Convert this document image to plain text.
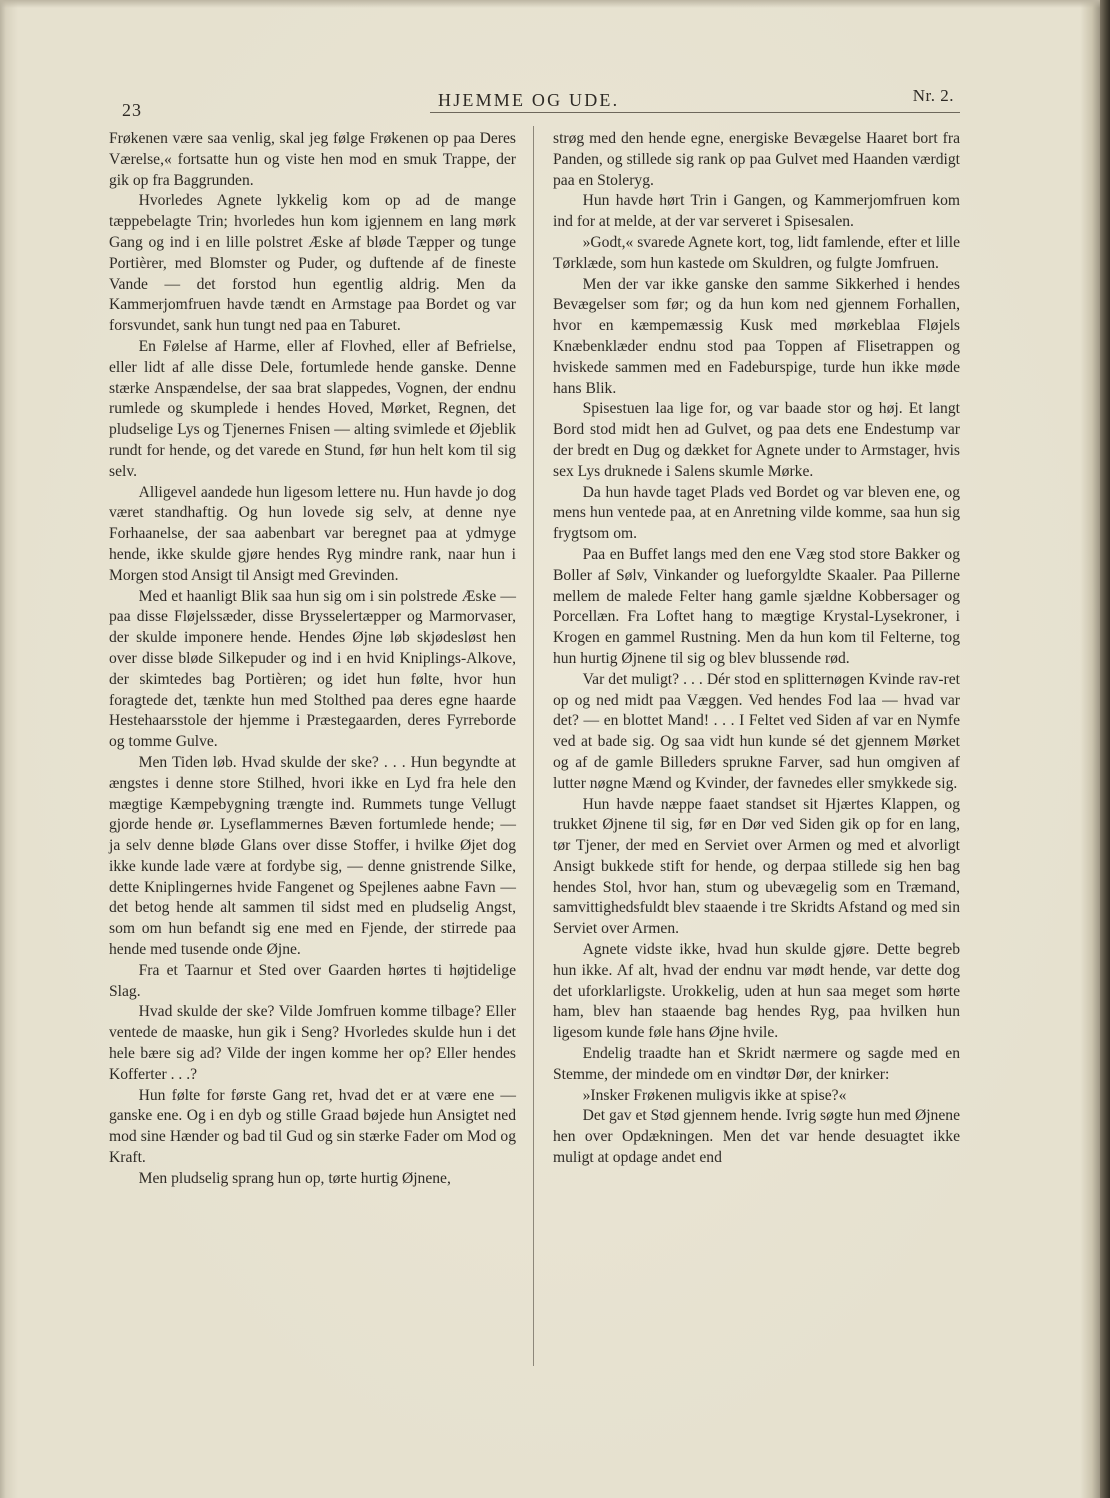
23	HJEMME OG UDE.	Nr. 2.

Frøkenen være saa venlig, skal jeg følge Frøkenen op paa Deres Værelse,« fortsatte hun og viste hen mod en smuk Trappe, der gik op fra Baggrunden.

Hvorledes Agnete lykkelig kom op ad de mange tæppebelagte Trin; hvorledes hun kom igjennem en lang mørk Gang og ind i en lille polstret Æske af bløde Tæpper og tunge Portièrer, med Blomster og Puder, og duftende af de fineste Vande — det forstod hun egentlig aldrig. Men da Kammerjomfruen havde tændt en Armstage paa Bordet og var forsvundet, sank hun tungt ned paa en Taburet.

En Følelse af Harme, eller af Flovhed, eller af Befrielse, eller lidt af alle disse Dele, fortumlede hende ganske. Denne stærke Anspændelse, der saa brat slappedes, Vognen, der endnu rumlede og skumplede i hendes Hoved, Mørket, Regnen, det pludselige Lys og Tjenernes Fnisen — alting svimlede et Øjeblik rundt for hende, og det varede en Stund, før hun helt kom til sig selv.

Alligevel aandede hun ligesom lettere nu. Hun havde jo dog været standhaftig. Og hun lovede sig selv, at denne nye Forhaanelse, der saa aabenbart var beregnet paa at ydmyge hende, ikke skulde gjøre hendes Ryg mindre rank, naar hun i Morgen stod Ansigt til Ansigt med Grevinden.

Med et haanligt Blik saa hun sig om i sin polstrede Æske — paa disse Fløjelssæder, disse Brysselertæpper og Marmorvaser, der skulde imponere hende. Hendes Øjne løb skjødesløst hen over disse bløde Silkepuder og ind i en hvid Kniplings-Alkove, der skimtedes bag Portièren; og idet hun følte, hvor hun foragtede det, tænkte hun med Stolthed paa deres egne haarde Hestehaarsstole der hjemme i Præstegaarden, deres Fyrreborde og tomme Gulve.

Men Tiden løb. Hvad skulde der ske? . . . Hun begyndte at ængstes i denne store Stilhed, hvori ikke en Lyd fra hele den mægtige Kæmpebygning trængte ind. Rummets tunge Vellugt gjorde hende ør. Lyseflammernes Bæven fortumlede hende; — ja selv denne bløde Glans over disse Stoffer, i hvilke Øjet dog ikke kunde lade være at fordybe sig, — denne gnistrende Silke, dette Kniplingernes hvide Fangenet og Spejlenes aabne Favn — det betog hende alt sammen til sidst med en pludselig Angst, som om hun befandt sig ene med en Fjende, der stirrede paa hende med tusende onde Øjne.

Fra et Taarnur et Sted over Gaarden hørtes ti højtidelige Slag.

Hvad skulde der ske? Vilde Jomfruen komme tilbage? Eller ventede de maaske, hun gik i Seng? Hvorledes skulde hun i det hele bære sig ad? Vilde der ingen komme her op? Eller hendes Kofferter . . .?

Hun følte for første Gang ret, hvad det er at være ene — ganske ene. Og i en dyb og stille Graad bøjede hun Ansigtet ned mod sine Hænder og bad til Gud og sin stærke Fader om Mod og Kraft.

Men pludselig sprang hun op, tørte hurtig Øjnene,

strøg med den hende egne, energiske Bevægelse Haaret bort fra Panden, og stillede sig rank op paa Gulvet med Haanden værdigt paa en Stoleryg.

Hun havde hørt Trin i Gangen, og Kammerjomfruen kom ind for at melde, at der var serveret i Spisesalen.

»Godt,« svarede Agnete kort, tog, lidt famlende, efter et lille Tørklæde, som hun kastede om Skuldren, og fulgte Jomfruen.

Men der var ikke ganske den samme Sikkerhed i hendes Bevægelser som før; og da hun kom ned gjennem Forhallen, hvor en kæmpemæssig Kusk med mørkeblaa Fløjels Knæbenklæder endnu stod paa Toppen af Flisetrappen og hviskede sammen med en Fadeburspige, turde hun ikke møde hans Blik.

Spisestuen laa lige for, og var baade stor og høj. Et langt Bord stod midt hen ad Gulvet, og paa dets ene Endestump var der bredt en Dug og dækket for Agnete under to Armstager, hvis sex Lys druknede i Salens skumle Mørke.

Da hun havde taget Plads ved Bordet og var bleven ene, og mens hun ventede paa, at en Anretning vilde komme, saa hun sig frygtsom om.

Paa en Buffet langs med den ene Væg stod store Bakker og Boller af Sølv, Vinkander og lueforgyldte Skaaler. Paa Pillerne mellem de malede Felter hang gamle sjældne Kobbersager og Porcellæn. Fra Loftet hang to mægtige Krystal-Lysekroner, i Krogen en gammel Rustning. Men da hun kom til Felterne, tog hun hurtig Øjnene til sig og blev blussende rød.

Var det muligt? . . . Dér stod en splitternøgen Kvinde rav-ret op og ned midt paa Væggen. Ved hendes Fod laa — hvad var det? — en blottet Mand! . . . I Feltet ved Siden af var en Nymfe ved at bade sig. Og saa vidt hun kunde sé det gjennem Mørket og af de gamle Billeders sprukne Farver, sad hun omgiven af lutter nøgne Mænd og Kvinder, der favnedes eller smykkede sig.

Hun havde næppe faaet standset sit Hjærtes Klappen, og trukket Øjnene til sig, før en Dør ved Siden gik op for en lang, tør Tjener, der med en Serviet over Armen og med et alvorligt Ansigt bukkede stift for hende, og derpaa stillede sig hen bag hendes Stol, hvor han, stum og ubevægelig som en Træmand, samvittighedsfuldt blev staaende i tre Skridts Afstand og med sin Serviet over Armen.

Agnete vidste ikke, hvad hun skulde gjøre. Dette begreb hun ikke. Af alt, hvad der endnu var mødt hende, var dette dog det uforklarligste. Urokkelig, uden at hun saa meget som hørte ham, blev han staaende bag hendes Ryg, paa hvilken hun ligesom kunde føle hans Øjne hvile.

Endelig traadte han et Skridt nærmere og sagde med en Stemme, der mindede om en vindtør Dør, der knirker:

»Insker Frøkenen muligvis ikke at spise?«

Det gav et Stød gjennem hende. Ivrig søgte hun med Øjnene hen over Opdækningen. Men det var hende desuagtet ikke muligt at opdage andet end
